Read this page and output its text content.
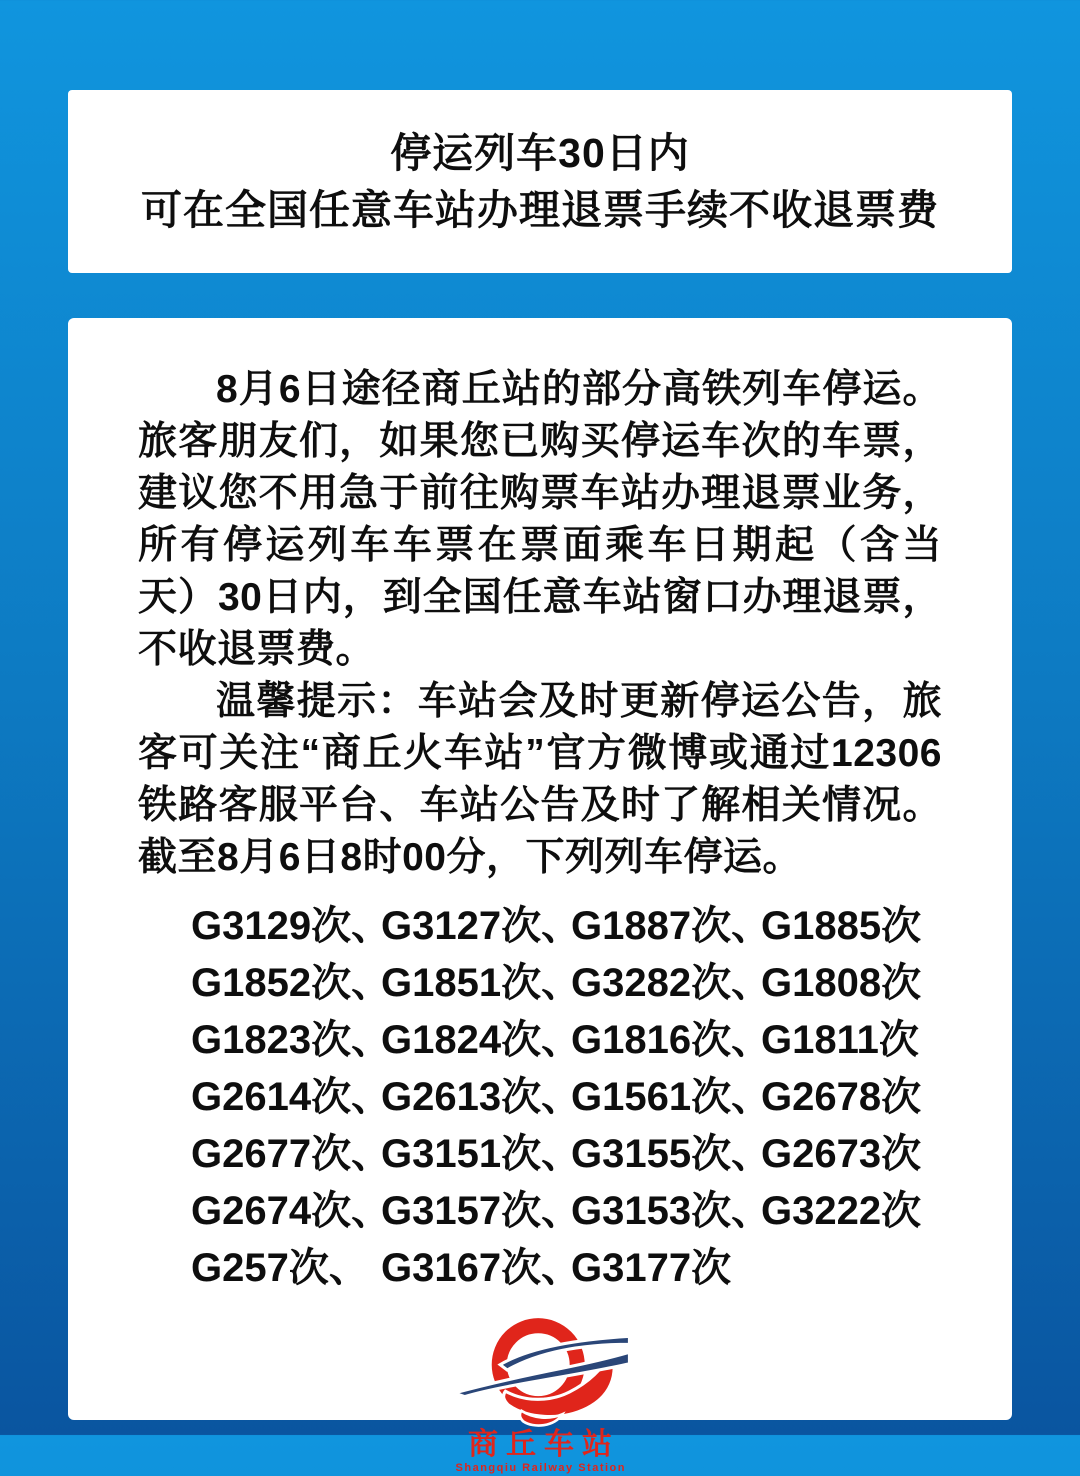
停运列车30日内
可在全国任意车站办理退票手续不收退票费

8月6日途径商丘站的部分高铁列车停运。旅客朋友们，如果您已购买停运车次的车票，建议您不用急于前往购票车站办理退票业务，所有停运列车车票在票面乘车日期起（含当天）30日内，到全国任意车站窗口办理退票，不收退票费。

温馨提示：车站会及时更新停运公告，旅客可关注“商丘火车站”官方微博或通过12306铁路客服平台、车站公告及时了解相关情况。截至8月6日8时00分，下列列车停运。

G3129次、
G3127次、
G1887次、
G1885次
G1852次、
G1851次、
G3282次、
G1808次
G1823次、
G1824次、
G1816次、
G1811次
G2614次、
G2613次、
G1561次、
G2678次
G2677次、
G3151次、
G3155次、
G2673次
G2674次、
G3157次、
G3153次、
G3222次
G257次、 G3167次、
G3177次
商丘车站
Shangqiu Railway Station
